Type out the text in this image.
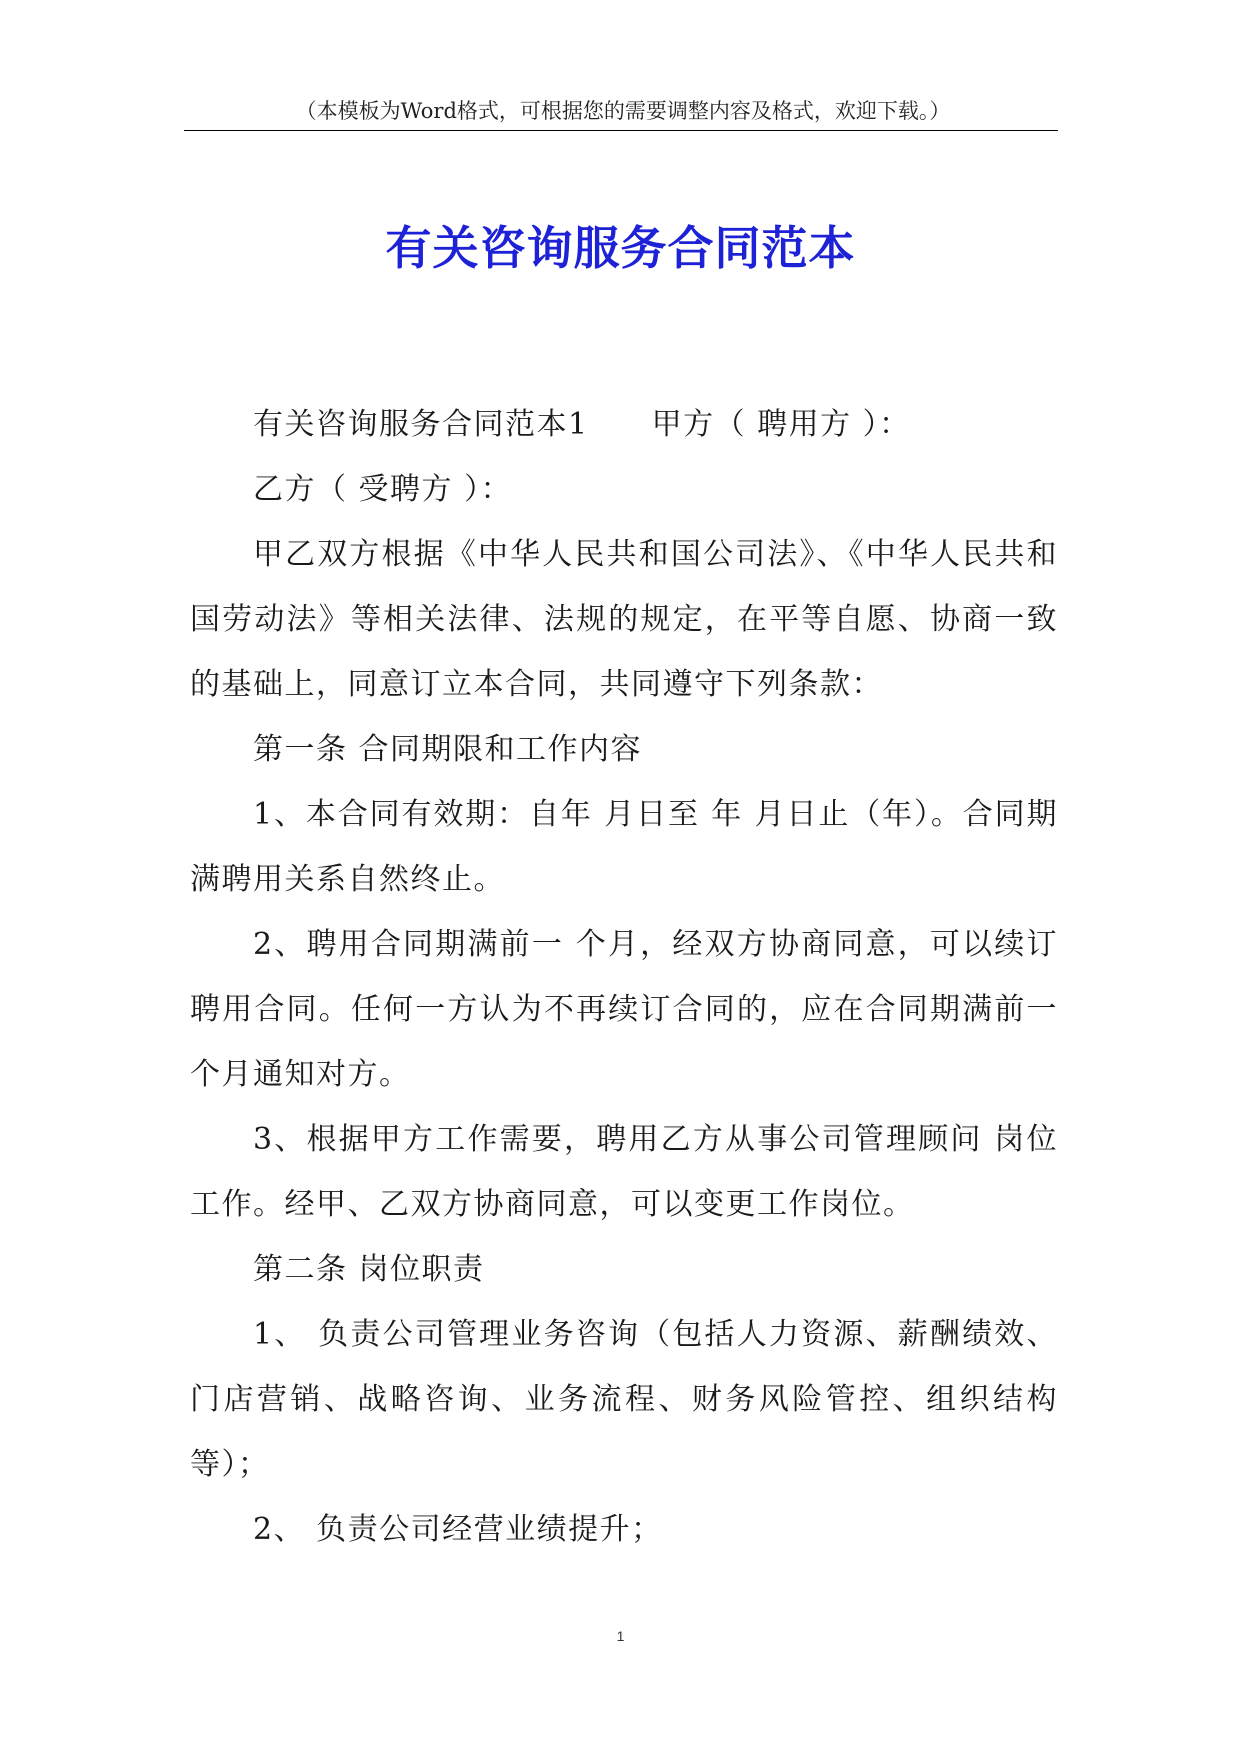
（本模板为Word格式，可根据您的需要调整内容及格式，欢迎下载。）
有关咨询服务合同范本

有关咨询服务合同范本1　　甲方（ 聘用方 ）：

乙方（ 受聘方 ）：

甲乙双方根据《中华人民共和国公司法》、《中华人民共和国劳动法》等相关法律、法规的规定，在平等自愿、协商一致的基础上，同意订立本合同，共同遵守下列条款：

第一条 合同期限和工作内容

1、本合同有效期：自年 月日至 年 月日止（年）。合同期满聘用关系自然终止。

2、聘用合同期满前一 个月，经双方协商同意，可以续订聘用合同。任何一方认为不再续订合同的，应在合同期满前一 个月通知对方。

3、根据甲方工作需要，聘用乙方从事公司管理顾问 岗位工作。经甲、乙双方协商同意，可以变更工作岗位。

第二条 岗位职责

1、 负责公司管理业务咨询（包括人力资源、薪酬绩效、门店营销、战略咨询、业务流程、财务风险管控、组织结构等）；

2、 负责公司经营业绩提升；

1
